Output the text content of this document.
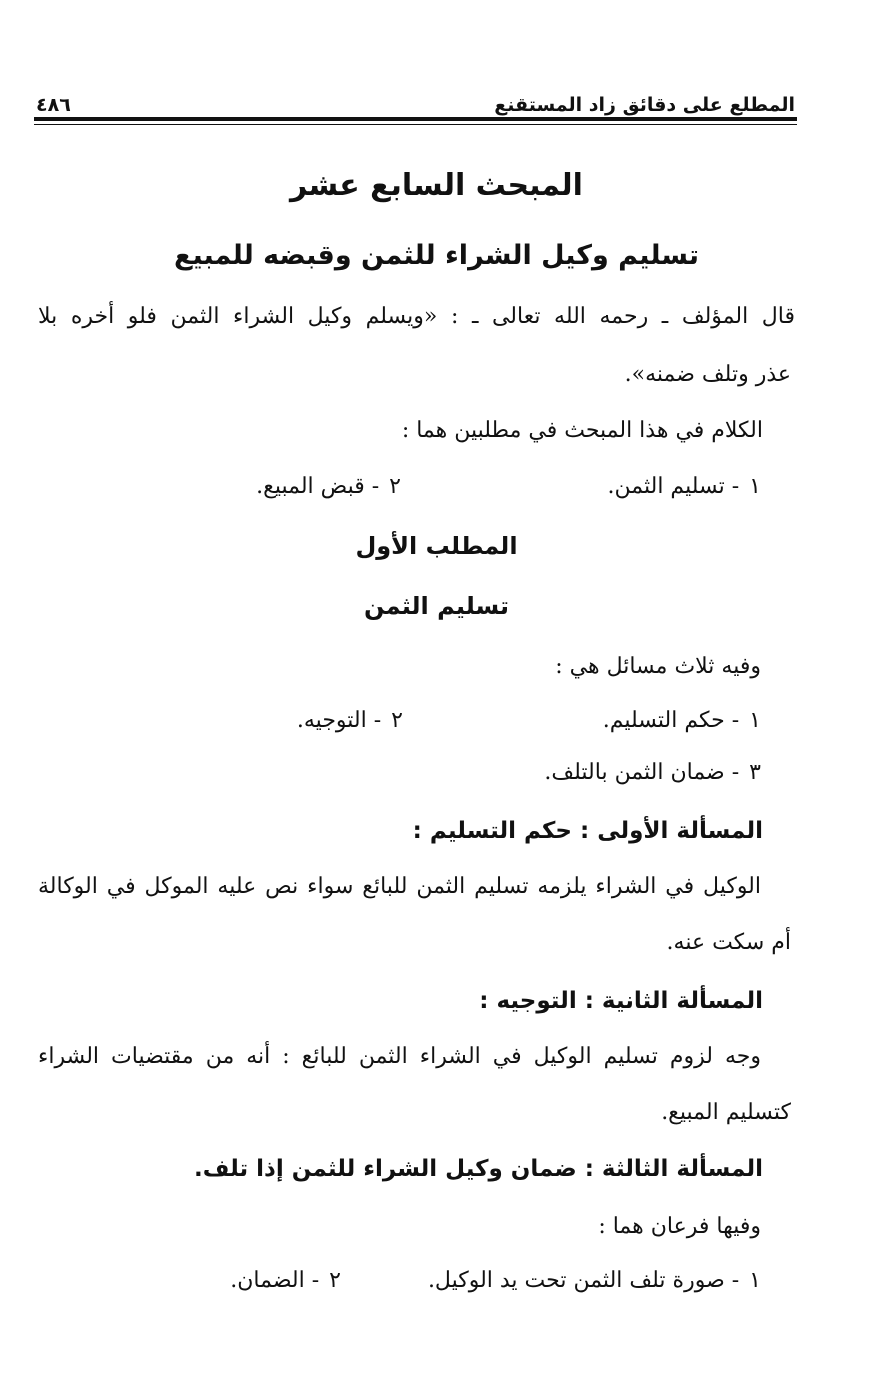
المطلع على دقائق زاد المستقنع
٤٨٦
المبحث السابع عشر
تسليم وكيل الشراء للثمن وقبضه للمبيع
قال المؤلف ـ رحمه الله تعالى ـ : «ويسلم وكيل الشراء الثمن فلو أخره بلا
عذر وتلف ضمنه».
الكلام في هذا المبحث في مطلبين هما :
١- تسليم الثمن.
٢- قبض المبيع.
المطلب الأول
تسليم الثمن
وفيه ثلاث مسائل هي :
١- حكم التسليم.
٢- التوجيه.
٣- ضمان الثمن بالتلف.
المسألة الأولى : حكم التسليم :
الوكيل في الشراء يلزمه تسليم الثمن للبائع سواء نص عليه الموكل في الوكالة
أم سكت عنه.
المسألة الثانية : التوجيه :
وجه لزوم تسليم الوكيل في الشراء الثمن للبائع : أنه من مقتضيات الشراء
كتسليم المبيع.
المسألة الثالثة : ضمان وكيل الشراء للثمن إذا تلف.
وفيها فرعان هما :
١- صورة تلف الثمن تحت يد الوكيل.
٢- الضمان.
